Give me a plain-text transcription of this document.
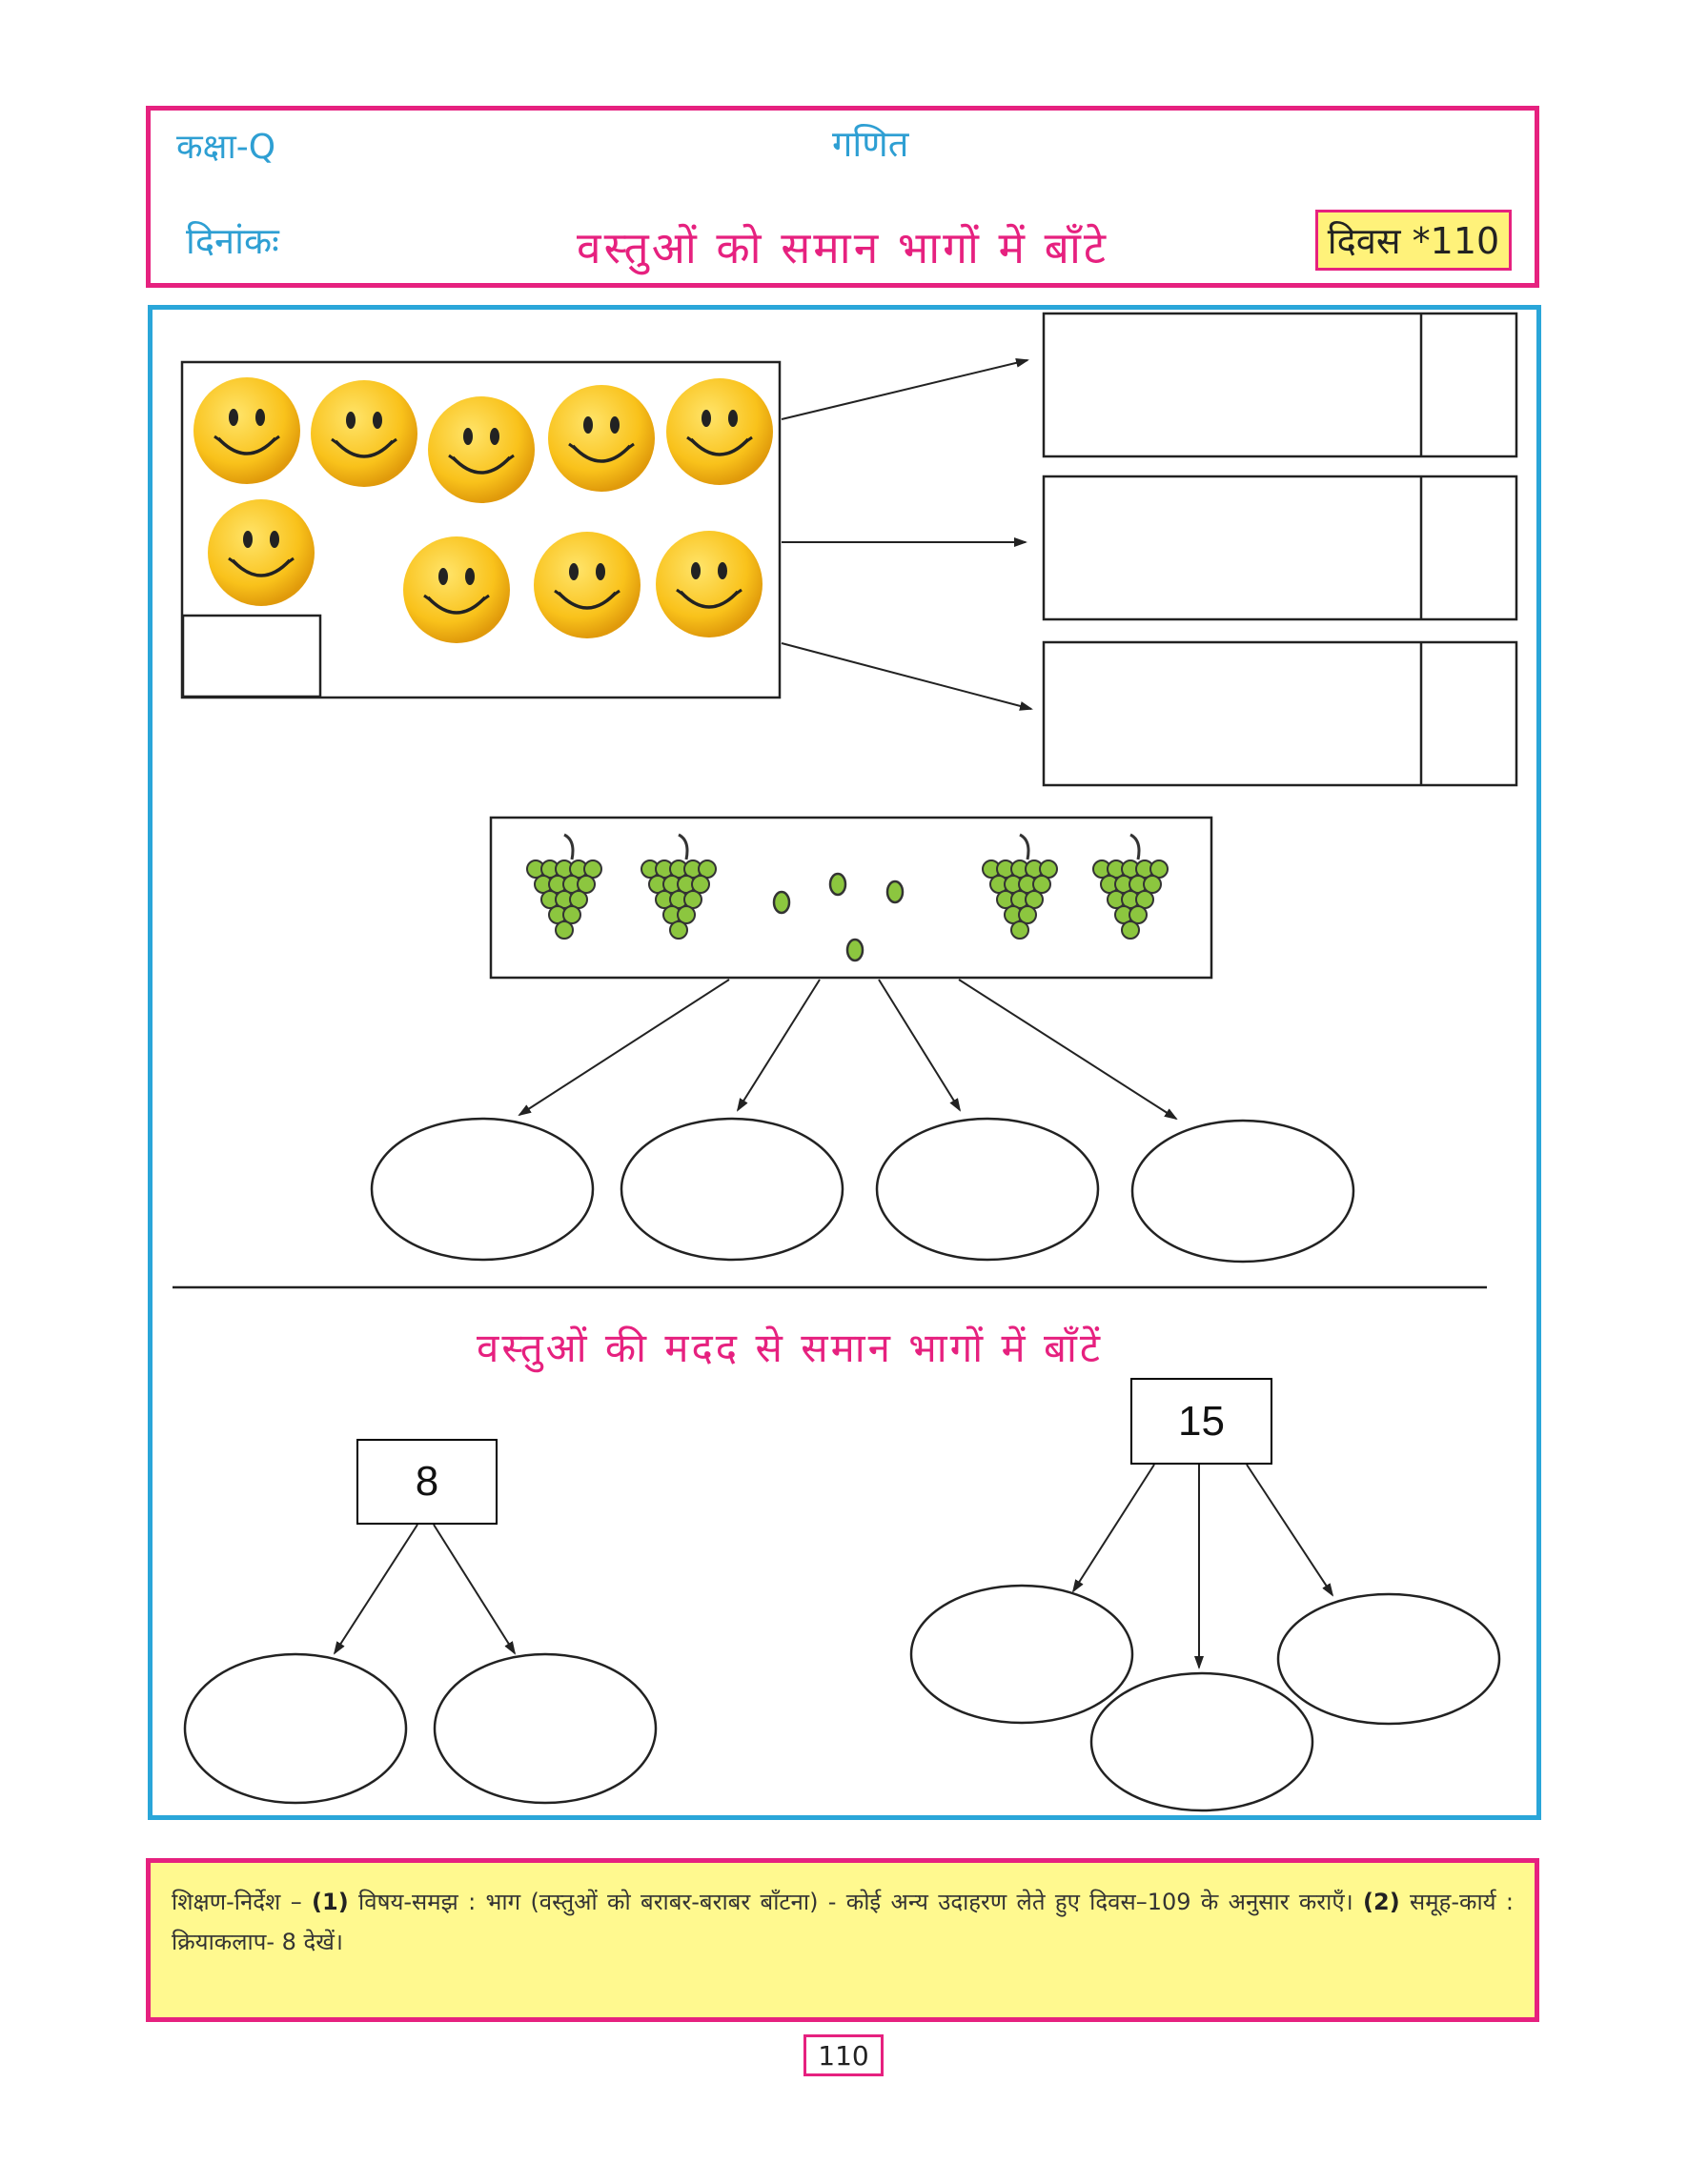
कक्षा-Q	गणित
दिनांकः	वस्तुओं को समान भागों में बाँटे	दिवस *110
वस्तुओं की मदद से समान भागों में बाँटें
8
15
शिक्षण-निर्देश – (1) विषय-समझ : भाग (वस्तुओं को बराबर-बराबर बाँटना) - कोई अन्य उदाहरण लेते हुए दिवस–109 के अनुसार कराएँ। (2) समूह-कार्य : क्रियाकलाप- 8 देखें।
110
